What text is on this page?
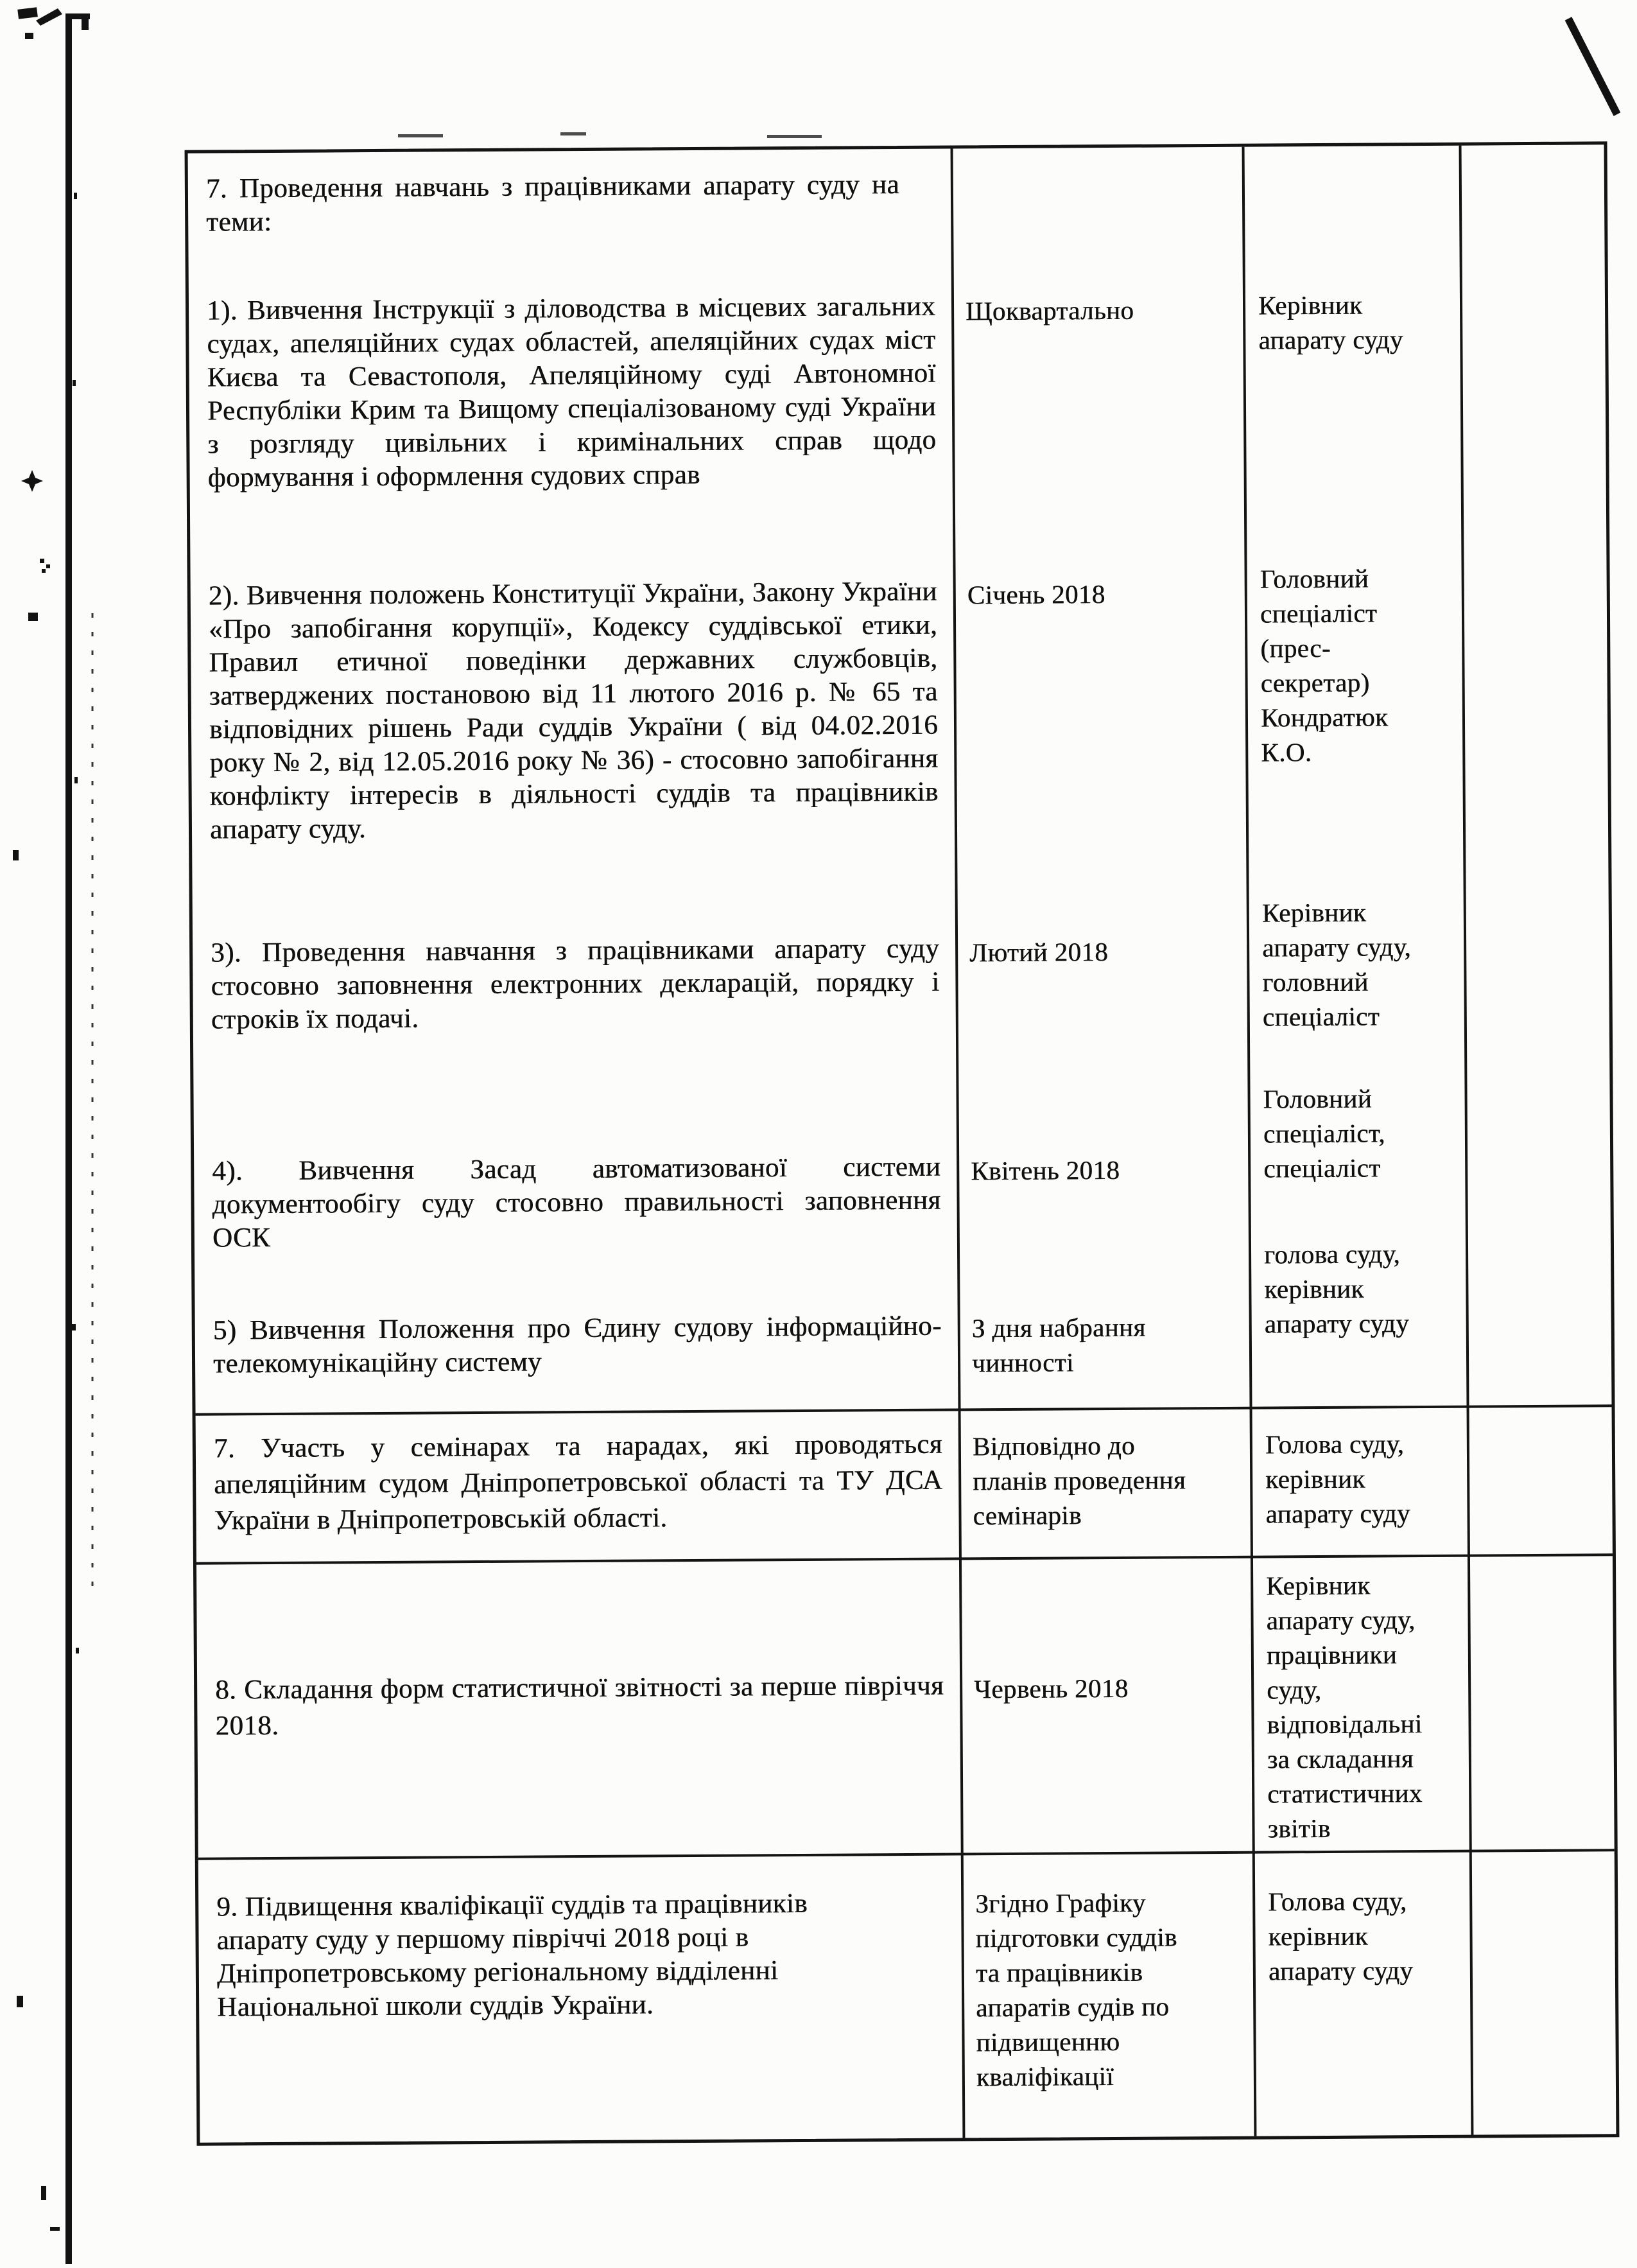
7. Проведення навчань з працівниками апарату суду на теми:
1). Вивчення Інструкції з діловодства в місцевих загальних судах, апеляційних судах областей, апеляційних судах міст Києва та Севастополя, Апеляційному суді Автономної Республіки Крим та Вищому спеціалізованому суді України з розгляду цивільних і кримінальних справ щодо формування і оформлення судових справ
2). Вивчення положень Конституції України, Закону України «Про запобігання корупції», Кодексу суддівської етики, Правил етичної поведінки державних службовців, затверджених постановою від 11 лютого 2016 р. № 65 та відповідних рішень Ради суддів України ( від 04.02.2016 року № 2, від 12.05.2016 року № 36) - стосовно запобігання конфлікту інтересів в діяльності суддів та працівників апарату суду.
3). Проведення навчання з працівниками апарату суду стосовно заповнення електронних декларацій, порядку і строків їх подачі.
4). Вивчення Засад автоматизованої системи документообігу суду стосовно правильності заповнення ОСК
5) Вивчення Положення про Єдину судову інформаційно-телекомунікаційну систему
Щоквартально
Січень 2018
Лютий 2018
Квітень 2018
З дня набрання
чинності
Керівник
апарату суду
Головний
спеціаліст
(прес-
секретар)
Кондратюк
К.О.
Керівник
апарату суду,
головний
спеціаліст
Головний
спеціаліст,
спеціаліст
голова суду,
керівник
апарату суду
7. Участь у семінарах та нарадах, які проводяться апеляційним судом Дніпропетровської області та ТУ ДСА України в Дніпропетровській області.
Відповідно до
планів проведення
семінарів
Голова суду,
керівник
апарату суду
8. Складання форм статистичної звітності за перше півріччя 2018.
Червень 2018
Керівник
апарату суду,
працівники
суду,
відповідальні
за складання
статистичних
звітів
9. Підвищення кваліфікації суддів та працівників апарату суду у першому півріччі 2018 році в Дніпропетровському регіональному відділенні Національної школи суддів України.
Згідно Графіку
підготовки суддів
та працівників
апаратів судів по
підвищенню
кваліфікації
Голова суду,
керівник
апарату суду
